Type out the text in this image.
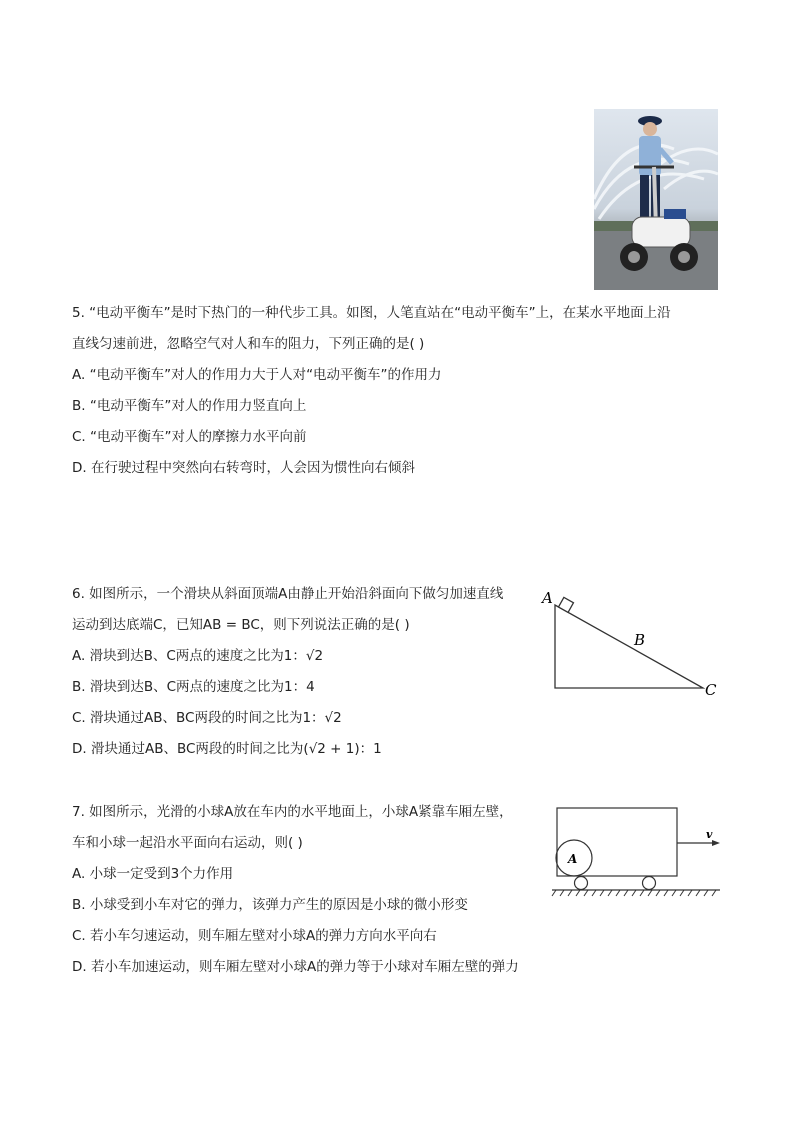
5. “电动平衡车”是时下热门的一种代步工具。如图，人笔直站在“电动平衡车”上，在某水平地面上沿
直线匀速前进，忽略空气对人和车的阻力，下列正确的是( )
A. “电动平衡车”对人的作用力大于人对“电动平衡车”的作用力
B. “电动平衡车”对人的作用力竖直向上
C. “电动平衡车”对人的摩擦力水平向前
D. 在行驶过程中突然向右转弯时，人会因为惯性向右倾斜
6. 如图所示，一个滑块从斜面顶端A由静止开始沿斜面向下做匀加速直线
运动到达底端C，已知AB = BC，则下列说法正确的是( )
A. 滑块到达B、C两点的速度之比为1：√2
B. 滑块到达B、C两点的速度之比为1：4
C. 滑块通过AB、BC两段的时间之比为1：√2
D. 滑块通过AB、BC两段的时间之比为(√2 + 1)：1
A
B
C
7. 如图所示，光滑的小球A放在车内的水平地面上，小球A紧靠车厢左壁，
车和小球一起沿水平面向右运动，则( )
A. 小球一定受到3个力作用
B. 小球受到小车对它的弹力，该弹力产生的原因是小球的微小形变
C. 若小车匀速运动，则车厢左壁对小球A的弹力方向水平向右
D. 若小车加速运动，则车厢左壁对小球A的弹力等于小球对车厢左壁的弹力
A
v
